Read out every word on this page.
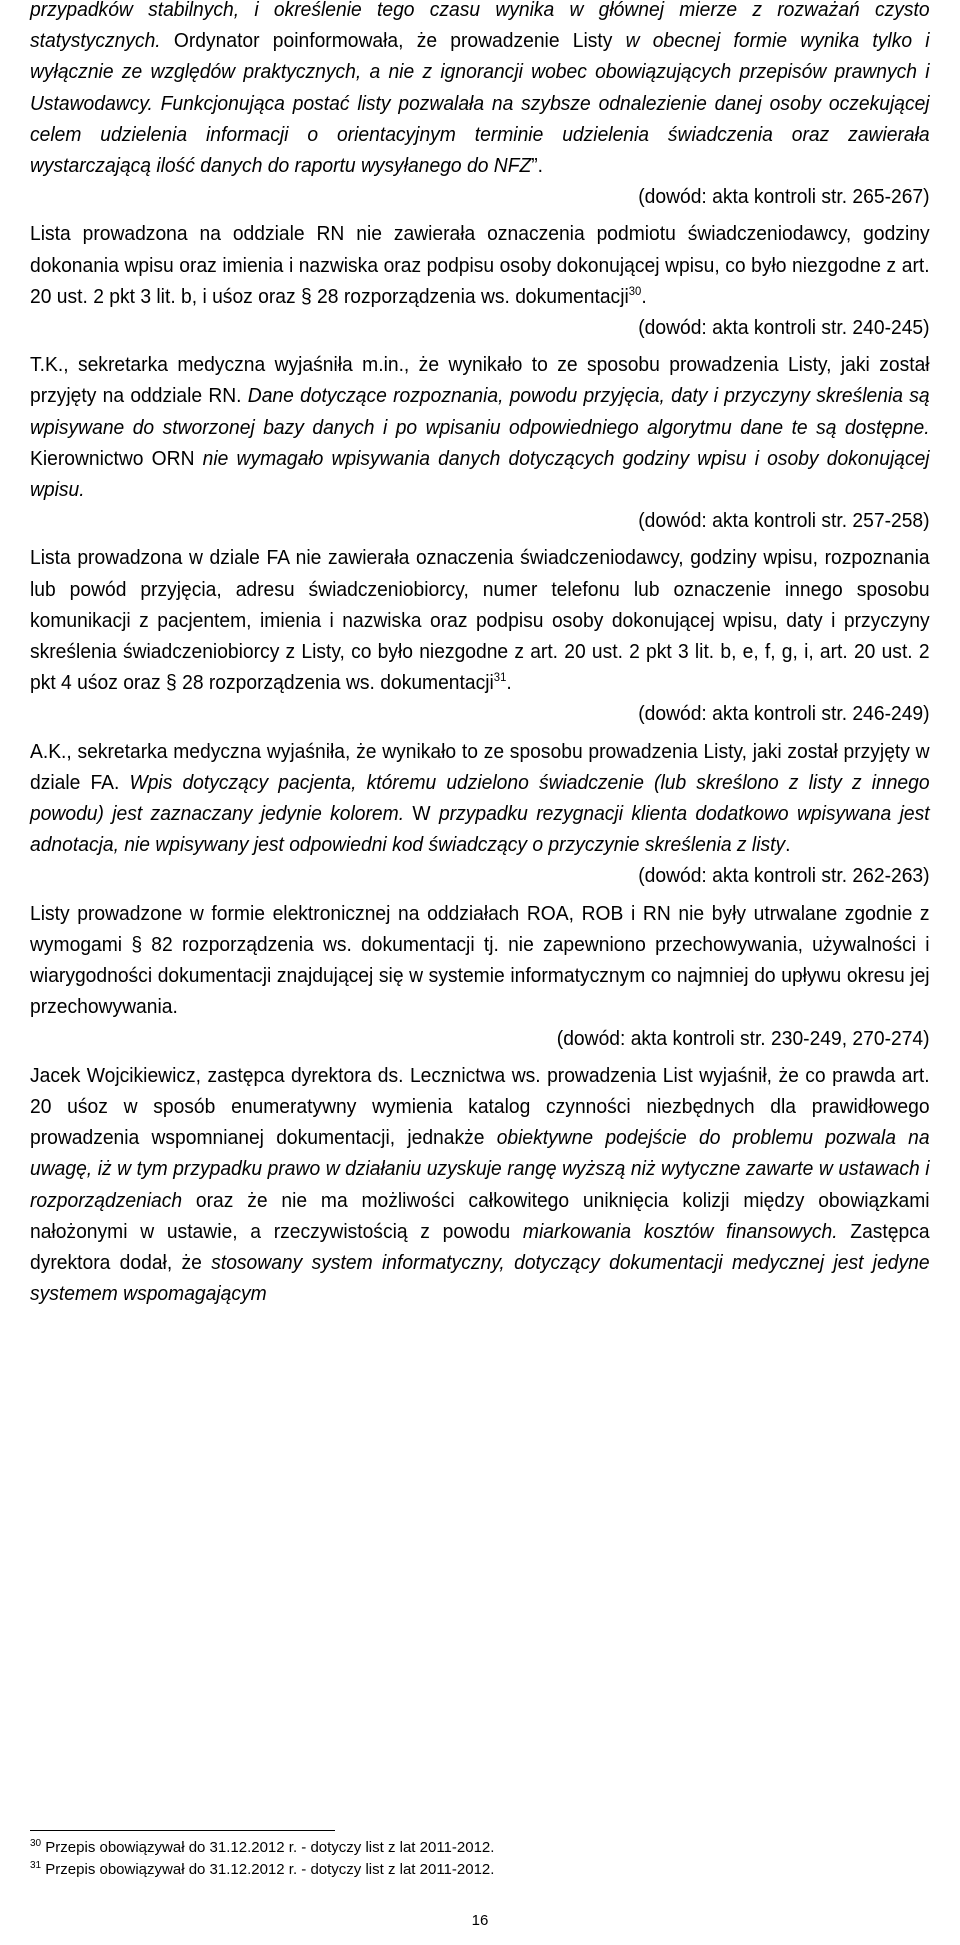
przypadków stabilnych, i określenie tego czasu wynika w głównej mierze z rozważań czysto statystycznych. Ordynator poinformowała, że prowadzenie Listy w obecnej formie wynika tylko i wyłącznie ze względów praktycznych, a nie z ignorancji wobec obowiązujących przepisów prawnych i Ustawodawcy. Funkcjonująca postać listy pozwalała na szybsze odnalezienie danej osoby oczekującej celem udzielenia informacji o orientacyjnym terminie udzielenia świadczenia oraz zawierała wystarczającą ilość danych do raportu wysyłanego do NFZ”.

(dowód: akta kontroli str. 265-267)

Lista prowadzona na oddziale RN nie zawierała oznaczenia podmiotu świadczeniodawcy, godziny dokonania wpisu oraz imienia i nazwiska oraz podpisu osoby dokonującej wpisu, co było niezgodne z art. 20 ust. 2 pkt 3 lit. b, i uśoz oraz § 28 rozporządzenia ws. dokumentacji$^{30}$.

(dowód: akta kontroli str. 240-245)

T.K., sekretarka medyczna wyjaśniła m.in., że wynikało to ze sposobu prowadzenia Listy, jaki został przyjęty na oddziale RN. Dane dotyczące rozpoznania, powodu przyjęcia, daty i przyczyny skreślenia są wpisywane do stworzonej bazy danych i po wpisaniu odpowiedniego algorytmu dane te są dostępne. Kierownictwo ORN nie wymagało wpisywania danych dotyczących godziny wpisu i osoby dokonującej wpisu.

(dowód: akta kontroli str. 257-258)

Lista prowadzona w dziale FA nie zawierała oznaczenia świadczeniodawcy, godziny wpisu, rozpoznania lub powód przyjęcia, adresu świadczeniobiorcy, numer telefonu lub oznaczenie innego sposobu komunikacji z pacjentem, imienia i nazwiska oraz podpisu osoby dokonującej wpisu, daty i przyczyny skreślenia świadczeniobiorcy z Listy, co było niezgodne z art. 20 ust. 2 pkt 3 lit. b, e, f, g, i, art. 20 ust. 2 pkt 4 uśoz oraz § 28 rozporządzenia ws. dokumentacji$^{31}$.

(dowód: akta kontroli str. 246-249)

A.K., sekretarka medyczna wyjaśniła, że wynikało to ze sposobu prowadzenia Listy, jaki został przyjęty w dziale FA. Wpis dotyczący pacjenta, któremu udzielono świadczenie (lub skreślono z listy z innego powodu) jest zaznaczany jedynie kolorem. W przypadku rezygnacji klienta dodatkowo wpisywana jest adnotacja, nie wpisywany jest odpowiedni kod świadczący o przyczynie skreślenia z listy.

(dowód: akta kontroli str. 262-263)

Listy prowadzone w formie elektronicznej na oddziałach ROA, ROB i RN nie były utrwalane zgodnie z wymogami § 82 rozporządzenia ws. dokumentacji tj. nie zapewniono przechowywania, używalności i wiarygodności dokumentacji znajdującej się w systemie informatycznym co najmniej do upływu okresu jej przechowywania.

(dowód: akta kontroli str. 230-249, 270-274)

Jacek Wojcikiewicz, zastępca dyrektora ds. Lecznictwa ws. prowadzenia List wyjaśnił, że co prawda art. 20 uśoz w sposób enumeratywny wymienia katalog czynności niezbędnych dla prawidłowego prowadzenia wspomnianej dokumentacji, jednakże obiektywne podejście do problemu pozwala na uwagę, iż w tym przypadku prawo w działaniu uzyskuje rangę wyższą niż wytyczne zawarte w ustawach i rozporządzeniach oraz że nie ma możliwości całkowitego uniknięcia kolizji między obowiązkami nałożonymi w ustawie, a rzeczywistością z powodu miarkowania kosztów finansowych. Zastępca dyrektora dodał, że stosowany system informatyczny, dotyczący dokumentacji medycznej jest jedyne systemem wspomagającym

$^{30}$ Przepis obowiązywał do 31.12.2012 r. - dotyczy list z lat 2011-2012.
$^{31}$ Przepis obowiązywał do 31.12.2012 r. - dotyczy list z lat 2011-2012.
16
